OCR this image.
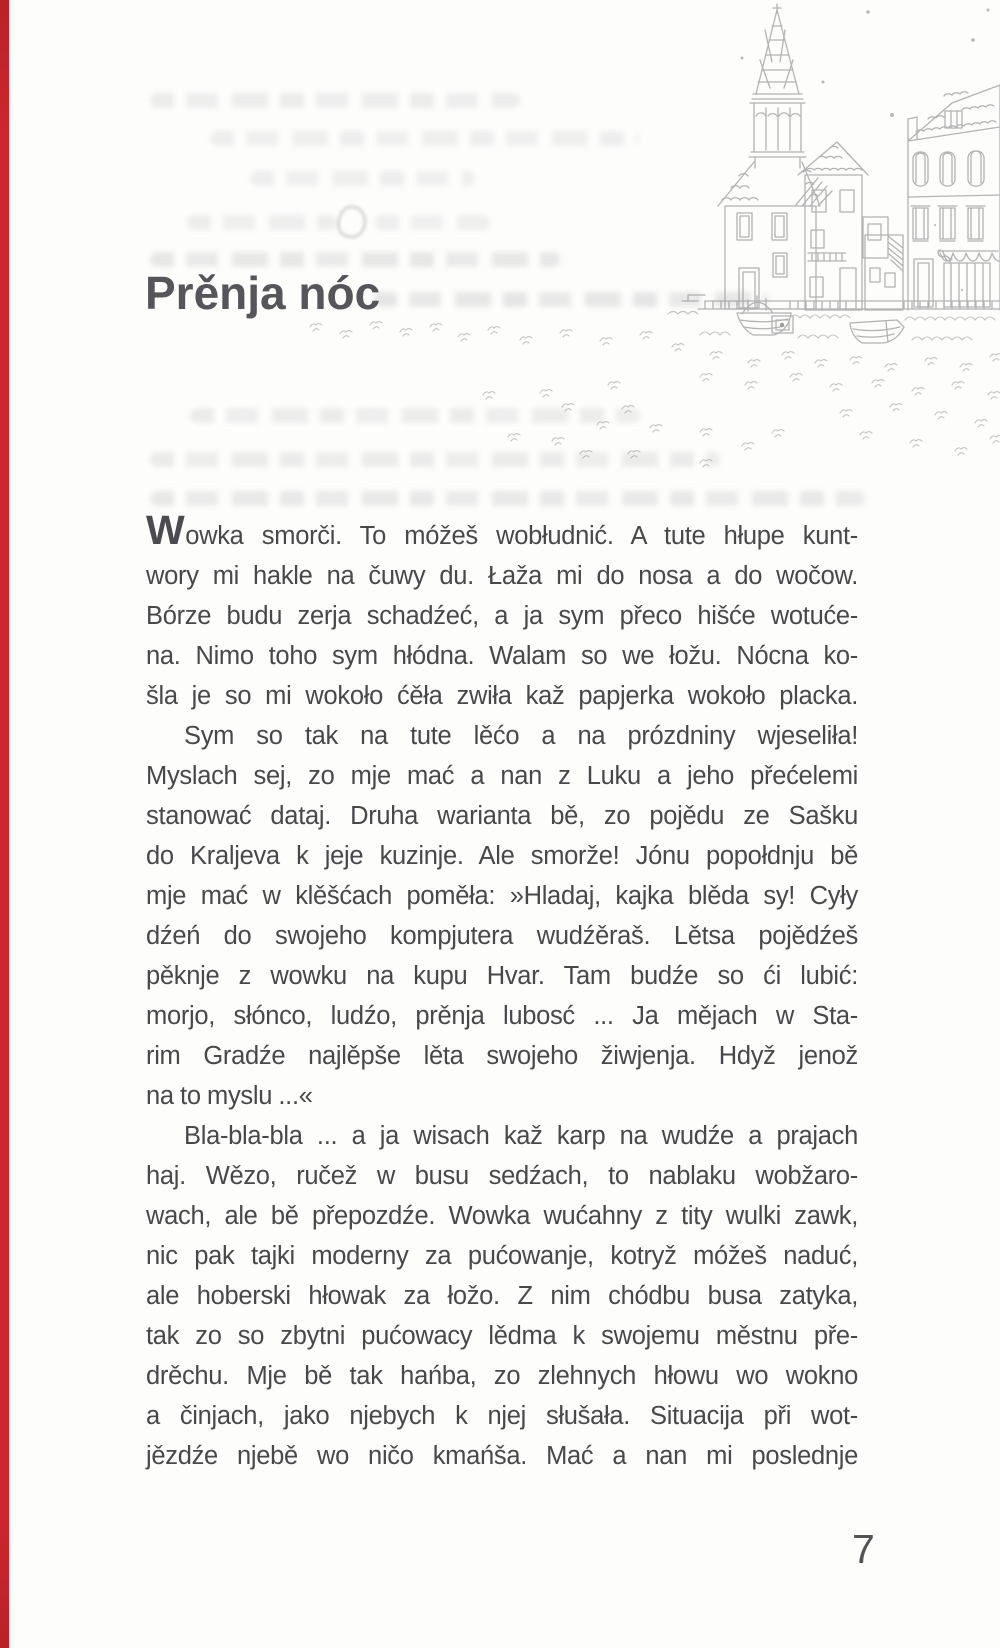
Prěnja nóc
Wowka smorči. To móžeš wobłudnić. A tute hłupe kunt-
wory mi hakle na čuwy du. Łaža mi do nosa a do wočow.
Bórze budu zerja schadźeć, a ja sym přeco hišće wotuće-
na. Nimo toho sym hłódna. Walam so we łožu. Nócna ko-
šla je so mi wokoło ćěła zwiła kaž papjerka wokoło placka.
Sym so tak na tute lěćo a na prózdniny wjeseliła!
Myslach sej, zo mje mać a nan z Luku a jeho přećelemi
stanować dataj. Druha warianta bě, zo pojědu ze Sašku
do Kraljeva k jeje kuzinje. Ale smorže! Jónu popołdnju bě
mje mać w klěšćach poměła: »Hladaj, kajka blěda sy! Cyły
dźeń do swojeho kompjutera wudźěraš. Lětsa pojědźeš
pěknje z wowku na kupu Hvar. Tam budźe so ći lubić:
morjo, słónco, ludźo, prěnja lubosć ... Ja mějach w Sta-
rim Gradźe najlěpše lěta swojeho žiwjenja. Hdyž jenož
na to myslu ...«
Bla-bla-bla ... a ja wisach kaž karp na wudźe a prajach
haj. Wězo, ručež w busu sedźach, to nablaku wobžaro-
wach, ale bě přepozdźe. Wowka wućahny z tity wulki zawk,
nic pak tajki moderny za pućowanje, kotryž móžeš naduć,
ale hoberski hłowak za łožo. Z nim chódbu busa zatyka,
tak zo so zbytni pućowacy lědma k swojemu městnu pře-
drěchu. Mje bě tak hańba, zo zlehnych hłowu wo wokno
a činjach, jako njebych k njej słušała. Situacija při wot-
jězdźe njebě wo ničo kmańša. Mać a nan mi poslednje
7
